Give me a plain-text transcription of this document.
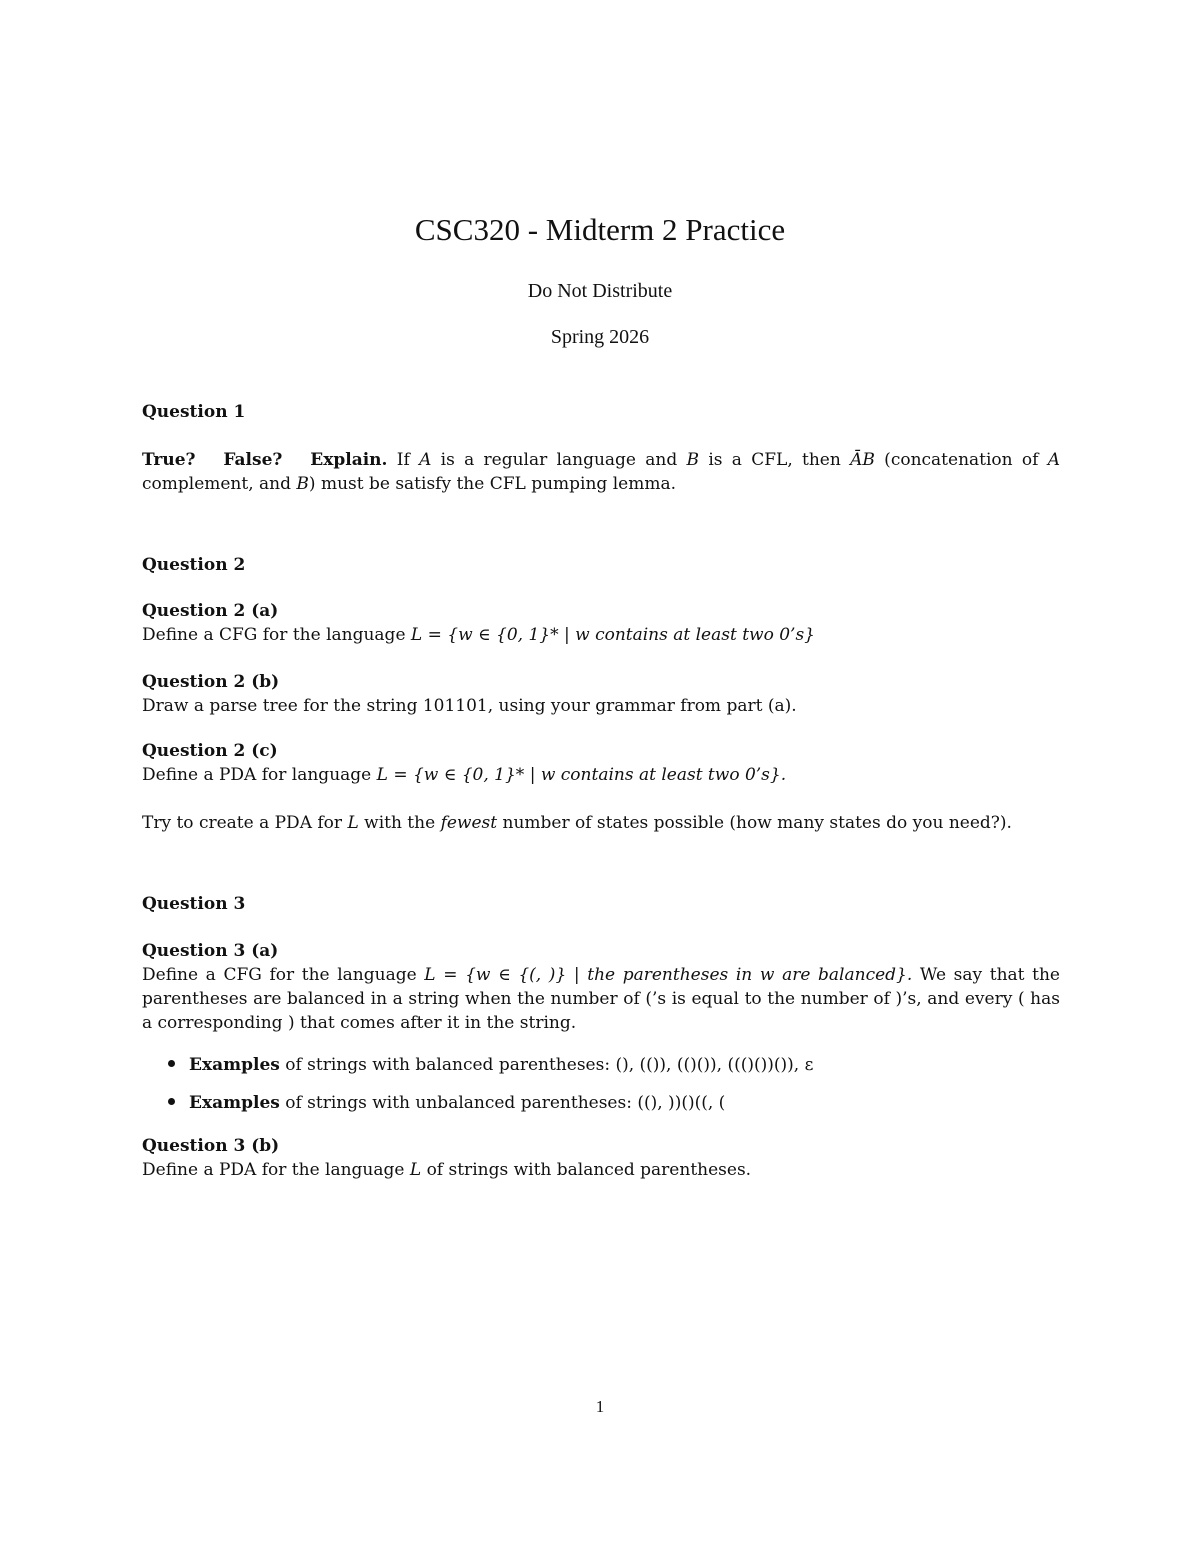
CSC320 - Midterm 2 Practice
Do Not Distribute
Spring 2026
Question 1
True? False? Explain. If A is a regular language and B is a CFL, then ĀB (concatenation of A complement, and B) must be satisfy the CFL pumping lemma.
Question 2
Question 2 (a)
Define a CFG for the language L = {w ∈ {0, 1}* | w contains at least two 0’s}
Question 2 (b)
Draw a parse tree for the string 101101, using your grammar from part (a).
Question 2 (c)
Define a PDA for language L = {w ∈ {0, 1}* | w contains at least two 0’s}.
Try to create a PDA for L with the fewest number of states possible (how many states do you need?).
Question 3
Question 3 (a)
Define a CFG for the language L = {w ∈ {(, )} | the parentheses in w are balanced}. We say that the parentheses are balanced in a string when the number of (’s is equal to the number of )’s, and every ( has a corresponding ) that comes after it in the string.
Examples of strings with balanced parentheses: (), (()), (()()), ((()())()), ε
Examples of strings with unbalanced parentheses: ((), ))()((, (
Question 3 (b)
Define a PDA for the language L of strings with balanced parentheses.
1
